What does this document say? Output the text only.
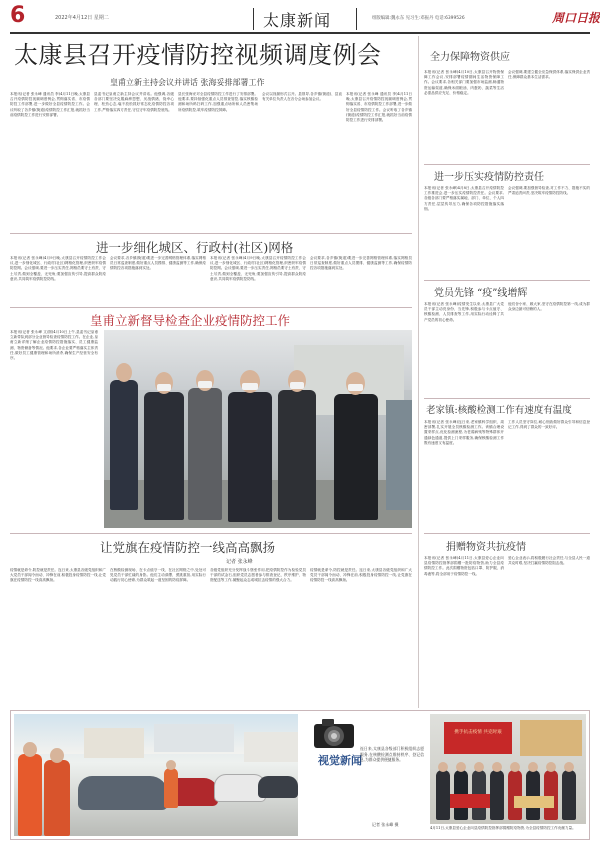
6	2022年4月12日 星期二	太康新闻	组版编辑:魏永东 见习生:邓振丹 电话:6399526	周口日报
太康县召开疫情防控视频调度例会
皇甫立新主持会议并讲话 张海妥排部署工作
本报讯(记者 张永峰 通讯员 李)4月11日晚,太康县召开疫情防控视频调度例会,贯彻落实省、市疫情防控工作部署,进一步做好全县疫情防控工作。会议听取了各乡镇(街道)疫情防控工作汇报,就抓好当前疫情防控工作进行安排部署。
县委书记皇甫立新主持会议并讲话。他强调,各级各部门要坚决克服麻痹思想、厌战情绪、侥幸心理、松劲心态,毫不放松抓好常态化疫情防控各项工作,严格落实四方责任,守住守牢疫情防控底线。
县长张海妥对全县疫情防控工作进行了安排部署。他要求,要持续强化重点人员排查管控,落实核酸检测和场所码扫码工作,加强重点场所和人员密集场所疫情防控,筑牢疫情防控屏障。
会议以视频形式召开。县领导,各乡镇(街道)、县直有关单位负责人在各分会场参加会议。
本报讯(记者 张永峰 通讯员 李)4月11日晚,太康县召开疫情防控视频调度例会,贯彻落实省、市疫情防控工作部署,进一步做好全县疫情防控工作。会议听取了各乡镇(街道)疫情防控工作汇报,就抓好当前疫情防控工作进行安排部署。
进一步细化城区、行政村(社区)网格
本报讯(记者 张永峰)4月9日晚,太康县召开疫情防控工作会议,进一步细化城区、行政村(社区)网格化管理,织密织牢疫情防控网。会议强调,要进一步压实责任,网格员要守土有责、守土尽责,做到全覆盖、无死角;要加强宣传引导,提高群众防疫意识,共同筑牢疫情防控防线。
会议要求,各乡镇(街道)要进一步完善网格管理体系,落实网格员日常巡查制度,做好重点人员摸排、健康监测等工作,确保疫情防控各项措施落到实处。
本报讯(记者 张永峰)4月9日晚,太康县召开疫情防控工作会议,进一步细化城区、行政村(社区)网格化管理,织密织牢疫情防控网。会议强调,要进一步压实责任,网格员要守土有责、守土尽责,做到全覆盖、无死角;要加强宣传引导,提高群众防疫意识,共同筑牢疫情防控防线。
会议要求,各乡镇(街道)要进一步完善网格管理体系,落实网格员日常巡查制度,做好重点人员摸排、健康监测等工作,确保疫情防控各项措施落到实处。
皇甫立新督导检查企业疫情防控工作
本报讯(记者 张永峰 文/图)4月10日上午,县委书记皇甫立新带队到部分企业督导检查疫情防控工作。在企业,皇甫立新详细了解企业疫情防控措施落实、员工健康监测、物资储备等情况。他要求,各企业要严格落实主体责任,做好员工健康管理和场所消杀,确保生产经营安全有序。
让党旗在疫情防控一线高高飘扬
记者 张永峰
疫情就是命令,防控就是责任。连日来,太康县各级党组织和广大党员干部闻令而动、冲锋在前,积极投身疫情防控一线,让党旗在疫情防控一线高高飘扬。
在核酸检测现场、在卡点值守一线、在社区网格之中,处处可见党员干部忙碌的身影。他们主动请缨、勇挑重担,用实际行动践行初心使命,为群众筑起一道坚固的防疫屏障。
各级党组织充分发挥战斗堡垒作用,把疫情防控作为检验党员干部的试金石,组织党员志愿者参与排查登记、秩序维护、物资配送等工作,凝聚起众志成城抗击疫情的强大合力。
疫情就是命令,防控就是责任。连日来,太康县各级党组织和广大党员干部闻令而动、冲锋在前,积极投身疫情防控一线,让党旗在疫情防控一线高高飘扬。
全力保障物资供应
本报讯(记者 张永峰)4月10日,太康县召开物资保障工作会议,安排部署疫情期间生活物资保障工作。会议要求,各相关部门要加强市场监测,畅通物资运输渠道,确保米面粮油、肉蛋奶、蔬菜等生活必需品供应充足、价格稳定。
会议强调,要建立健全应急保供体系,落实保供企业责任,保障群众基本生活需求。
进一步压实疫情防控责任
本报讯(记者 张永峰)4月8日,太康县召开疫情防控工作推进会,进一步压实疫情防控责任。会议要求,各级各部门要严格落实属地、部门、单位、个人四方责任,层层传导压力,确保各项防控措施落实落细。
会议强调,要加强督导检查,对工作不力、措施不实的严肃追责问责,坚决筑牢疫情防控防线。
党员先锋 “疫”线增辉
本报讯(记者 张永峰)疫情发生以来,太康县广大党员干部主动亮身份、当先锋,积极参与卡点值守、核酸检测、人员排查等工作,用实际行动诠释了共产党员的初心使命。
他们舍小家、顾大家,坚守在疫情防控第一线,成为群众身边最可信赖的人。
老家镇:核酸检测工作有速度有温度
本报讯(记者 张永峰)连日来,老家镇科学组织、周密部署,扎实开展全员核酸检测工作。该镇合理设置采样点,优化检测流程,为老弱病残等特殊群体开通绿色通道,提供上门采样服务,确保核酸检测工作既有速度又有温度。
工作人员坚守岗位,耐心细致做好群众引导和信息登记工作,得到了群众的一致好评。
捐赠物资共抗疫情
本报讯(记者 张永峰)4月11日,太康县爱心企业向县疫情防控指挥部捐赠一批防疫物资,助力全县疫情防控工作。此次捐赠物资包括口罩、防护服、消毒液等,将全部用于疫情防控一线。
爱心企业表示,将积极履行社会责任,与全县人民一道共克时艰,坚决打赢疫情防控阻击战。
视觉新闻
连日来,太康县各级部门积极组织志愿服务,在核酸检测点维持秩序、登记信息,为群众提供便捷服务。
记者 张永峰 摄
携手抗击疫情 共克时艰
4月11日,太康县爱心企业向县疫情防控指挥部捐赠防疫物资,为全县疫情防控工作贡献力量。
